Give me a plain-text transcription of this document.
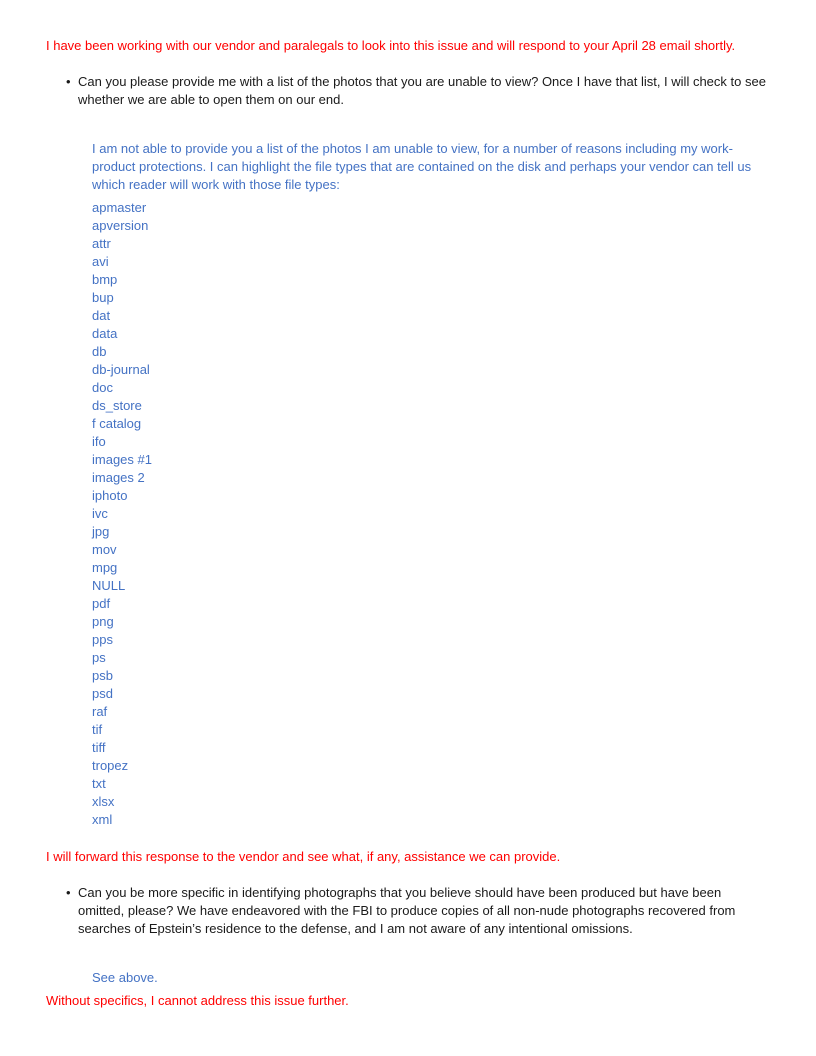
I have been working with our vendor and paralegals to look into this issue and will respond to your April 28 email shortly.

• Can you please provide me with a list of the photos that you are unable to view? Once I have that list, I will check to see whether we are able to open them on our end.

I am not able to provide you a list of the photos I am unable to view, for a number of reasons including my work-product protections. I can highlight the file types that are contained on the disk and perhaps your vendor can tell us which reader will work with those file types:

apmaster
apversion
attr
avi
bmp
bup
dat
data
db
db-journal
doc
ds_store
f catalog
ifo
images #1
images 2
iphoto
ivc
jpg
mov
mpg
NULL
pdf
png
pps
ps
psb
psd
raf
tif
tiff
tropez
txt
xlsx
xml

I will forward this response to the vendor and see what, if any, assistance we can provide.

• Can you be more specific in identifying photographs that you believe should have been produced but have been omitted, please? We have endeavored with the FBI to produce copies of all non-nude photographs recovered from searches of Epstein’s residence to the defense, and I am not aware of any intentional omissions.

See above.

Without specifics, I cannot address this issue further.
